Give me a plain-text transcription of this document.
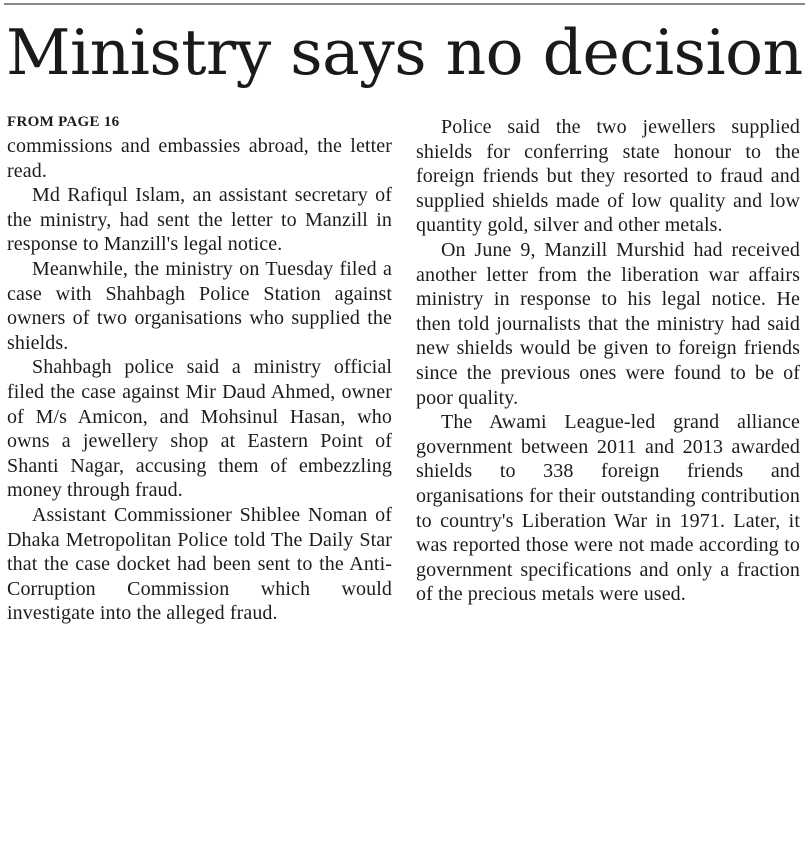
Ministry says no decision
FROM PAGE 16

commissions and embassies abroad, the letter read.

Md Rafiqul Islam, an assistant secretary of the ministry, had sent the letter to Manzill in response to Manzill's legal notice.

Meanwhile, the ministry on Tuesday filed a case with Shahbagh Police Station against owners of two organisations who supplied the shields.

Shahbagh police said a ministry official filed the case against Mir Daud Ahmed, owner of M/s Amicon, and Mohsinul Hasan, who owns a jewellery shop at Eastern Point of Shanti Nagar, accusing them of embezzling money through fraud.

Assistant Commissioner Shiblee Noman of Dhaka Metropolitan Police told The Daily Star that the case docket had been sent to the Anti-Corruption Commission which would investigate into the alleged fraud.

Police said the two jewellers supplied shields for conferring state honour to the foreign friends but they resorted to fraud and supplied shields made of low quality and low quantity gold, silver and other metals.

On June 9, Manzill Murshid had received another letter from the liberation war affairs ministry in response to his legal notice. He then told journalists that the ministry had said new shields would be given to foreign friends since the previous ones were found to be of poor quality.

The Awami League-led grand alliance government between 2011 and 2013 awarded shields to 338 foreign friends and organisations for their outstanding contribution to country's Liberation War in 1971. Later, it was reported those were not made according to government specifications and only a fraction of the precious metals were used.
